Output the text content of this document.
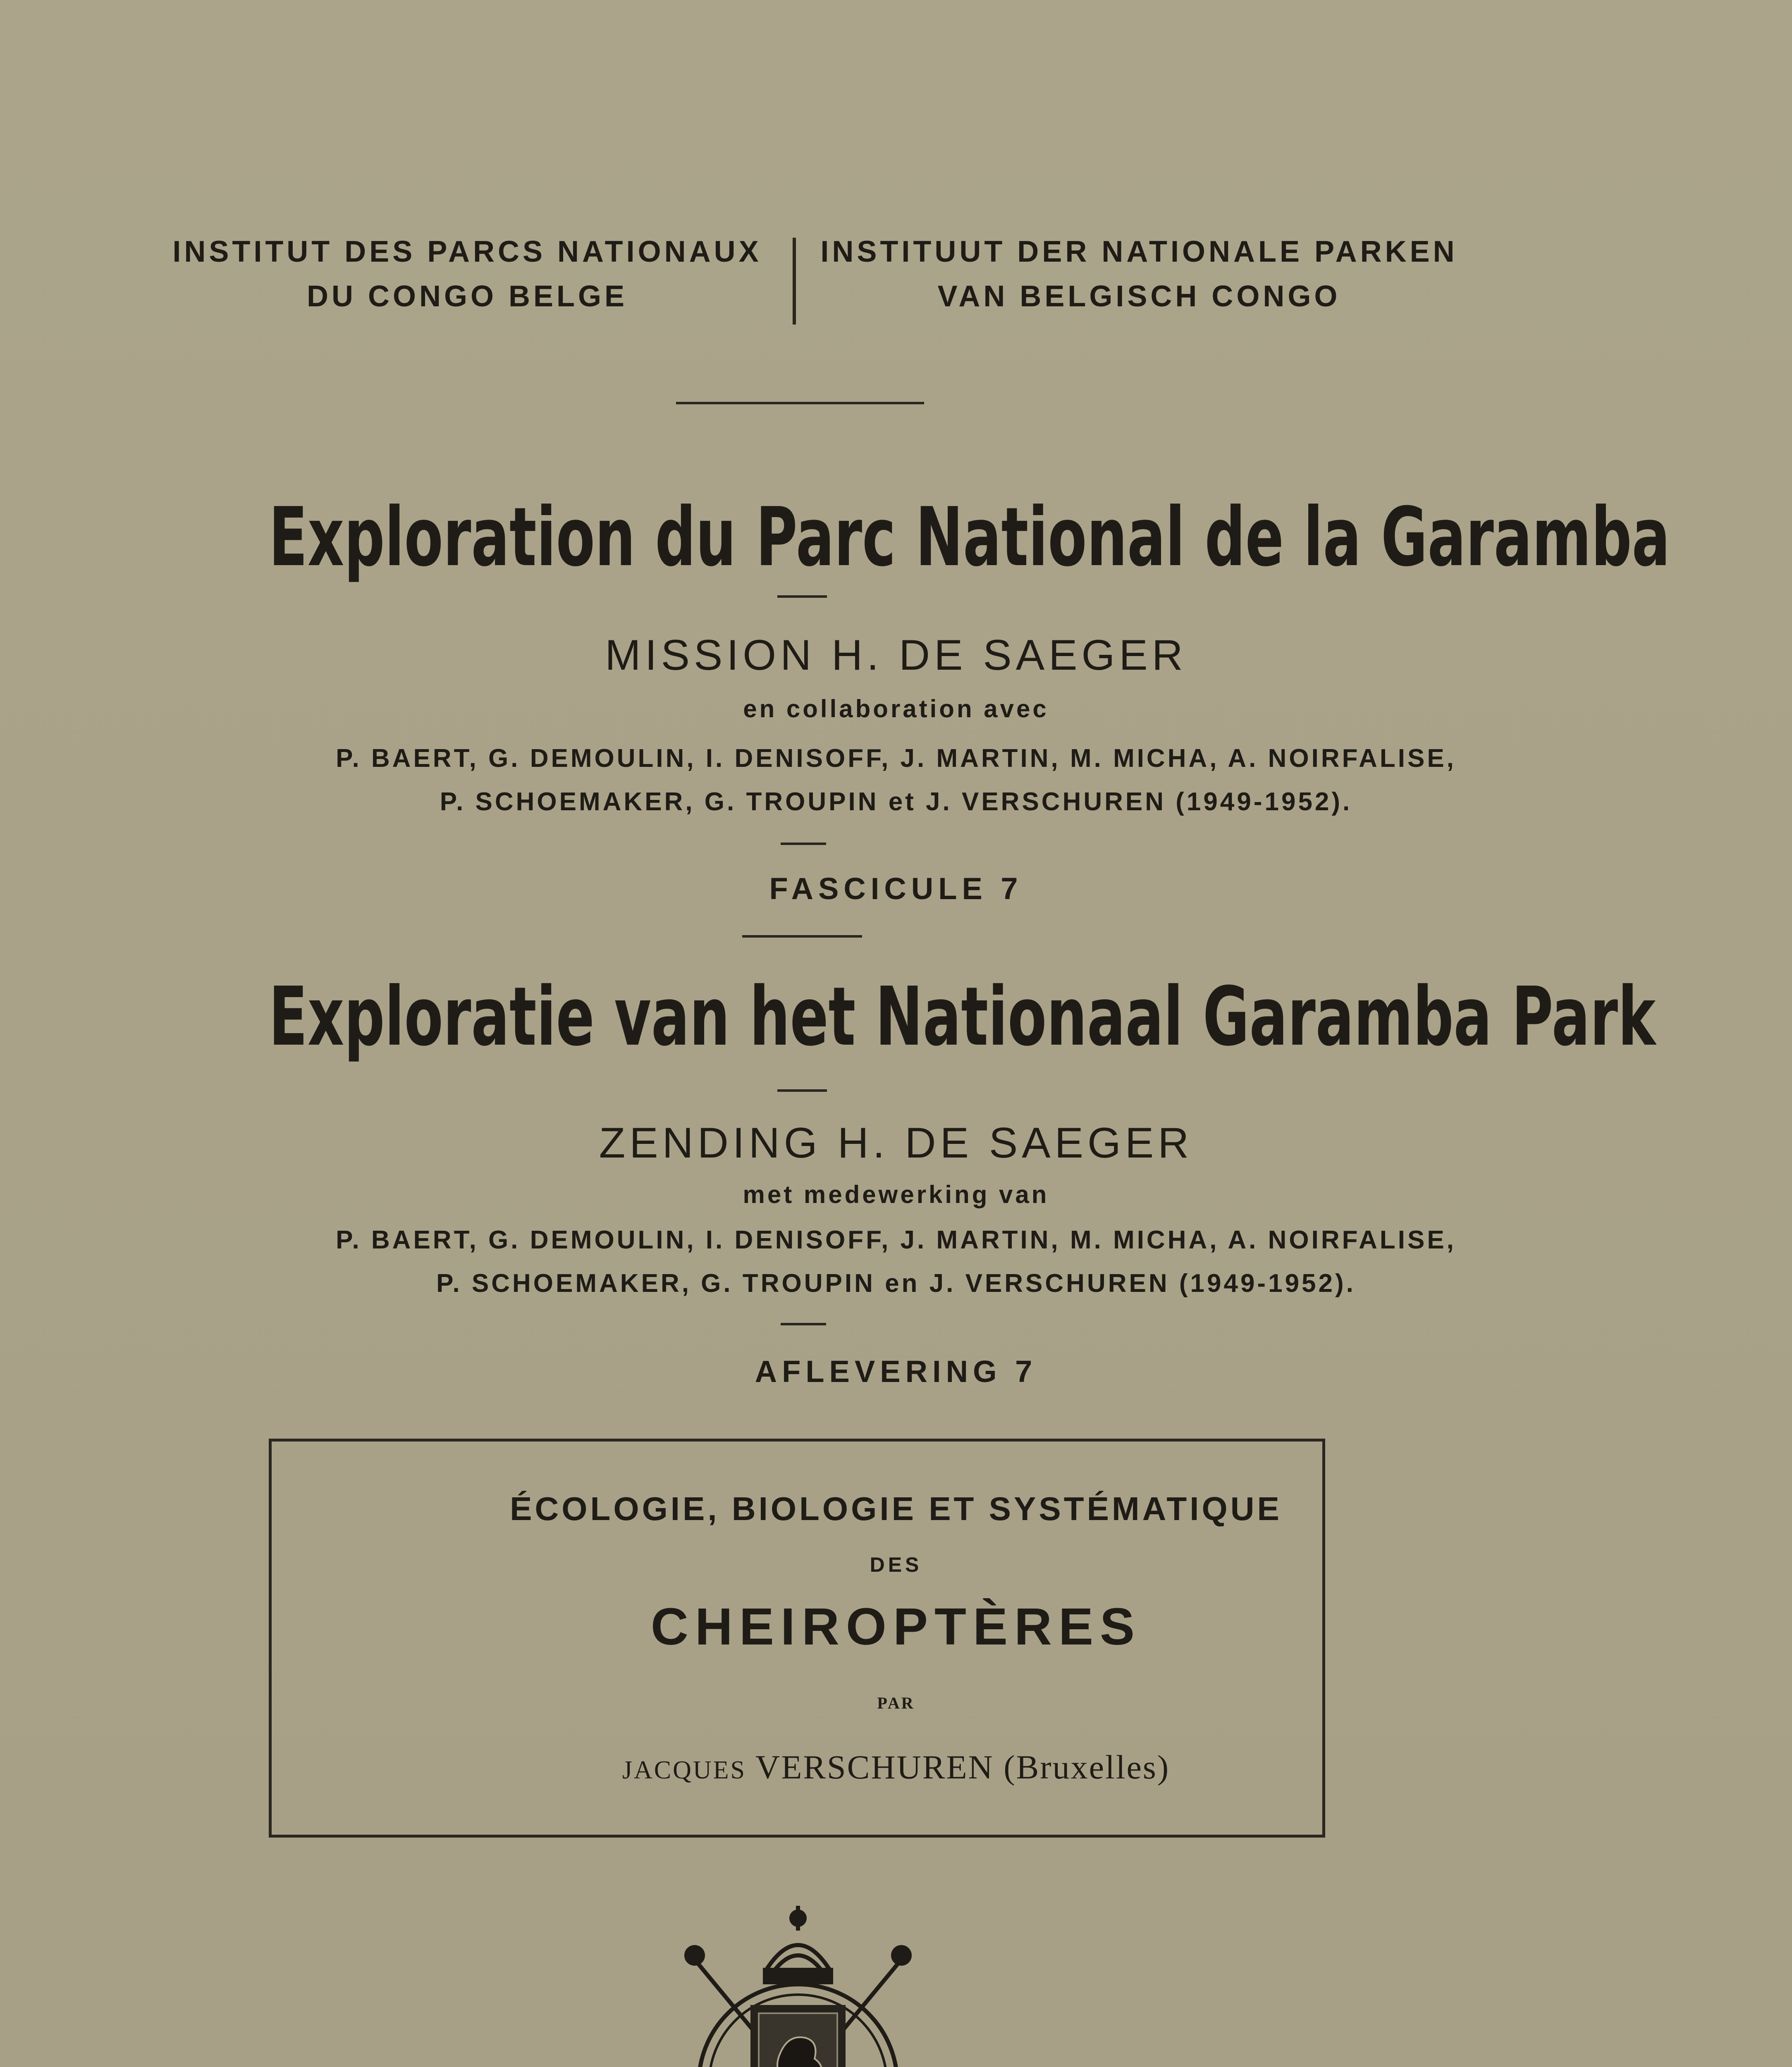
INSTITUT DES PARCS NATIONAUX
DU CONGO BELGE
INSTITUUT DER NATIONALE PARKEN
VAN BELGISCH CONGO
Exploration du Parc National de la Garamba
MISSION H. DE SAEGER
en collaboration avec
P. BAERT, G. DEMOULIN, I. DENISOFF, J. MARTIN, M. MICHA, A. NOIRFALISE,
P. SCHOEMAKER, G. TROUPIN et J. VERSCHUREN (1949-1952).
FASCICULE 7
Exploratie van het Nationaal Garamba Park
ZENDING H. DE SAEGER
met medewerking van
P. BAERT, G. DEMOULIN, I. DENISOFF, J. MARTIN, M. MICHA, A. NOIRFALISE,
P. SCHOEMAKER, G. TROUPIN en J. VERSCHUREN (1949-1952).
AFLEVERING 7
ÉCOLOGIE, BIOLOGIE ET SYSTÉMATIQUE
DES
CHEIROPTÈRES
PAR
JACQUES VERSCHUREN (Bruxelles)
